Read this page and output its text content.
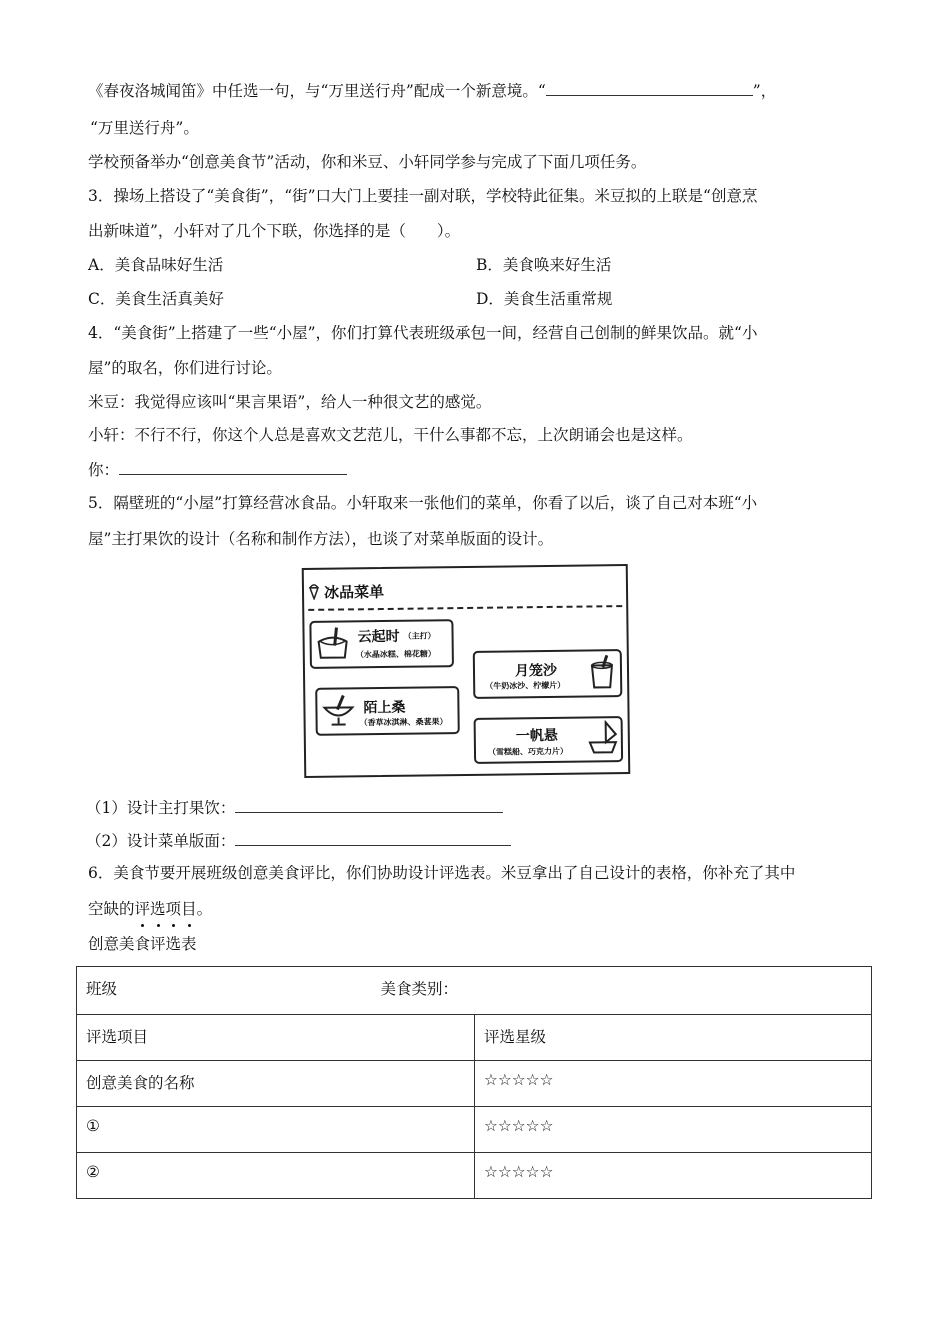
《春夜洛城闻笛》中任选一句，与“万里送行舟”配成一个新意境。“	”，
“万里送行舟”。
学校预备举办“创意美食节”活动，你和米豆、小轩同学参与完成了下面几项任务。
3．操场上搭设了“美食街”，“街”口大门上要挂一副对联，学校特此征集。米豆拟的上联是“创意烹
出新味道”，小轩对了几个下联，你选择的是（　　）。
A．美食品味好生活	B．美食唤来好生活
C．美食生活真美好	D．美食生活重常规
4．“美食街”上搭建了一些“小屋”，你们打算代表班级承包一间，经营自己创制的鲜果饮品。就“小
屋”的取名，你们进行讨论。
米豆：我觉得应该叫“果言果语”，给人一种很文艺的感觉。
小轩：不行不行，你这个人总是喜欢文艺范儿，干什么事都不忘，上次朗诵会也是这样。
你：
5．隔壁班的“小屋”打算经营冰食品。小轩取来一张他们的菜单，你看了以后，谈了自己对本班“小
屋”主打果饮的设计（名称和制作方法），也谈了对菜单版面的设计。
冰品菜单
云起时 （主打）
（水晶冰糕、棉花糖）
月笼沙
（牛奶冰沙、柠檬片）
陌上桑
（香草冰淇淋、桑葚果）
一帆悬
（雪糕船、巧克力片）
（1）设计主打果饮：
（2）设计菜单版面：
6．美食节要开展班级创意美食评比，你们协助设计评选表。米豆拿出了自己设计的表格，你补充了其中
空缺的评选项目。
创意美食评选表
班级 美食类别：	

评选项目	评选星级
创意美食的名称	☆☆☆☆☆
①	☆☆☆☆☆
②	☆☆☆☆☆
